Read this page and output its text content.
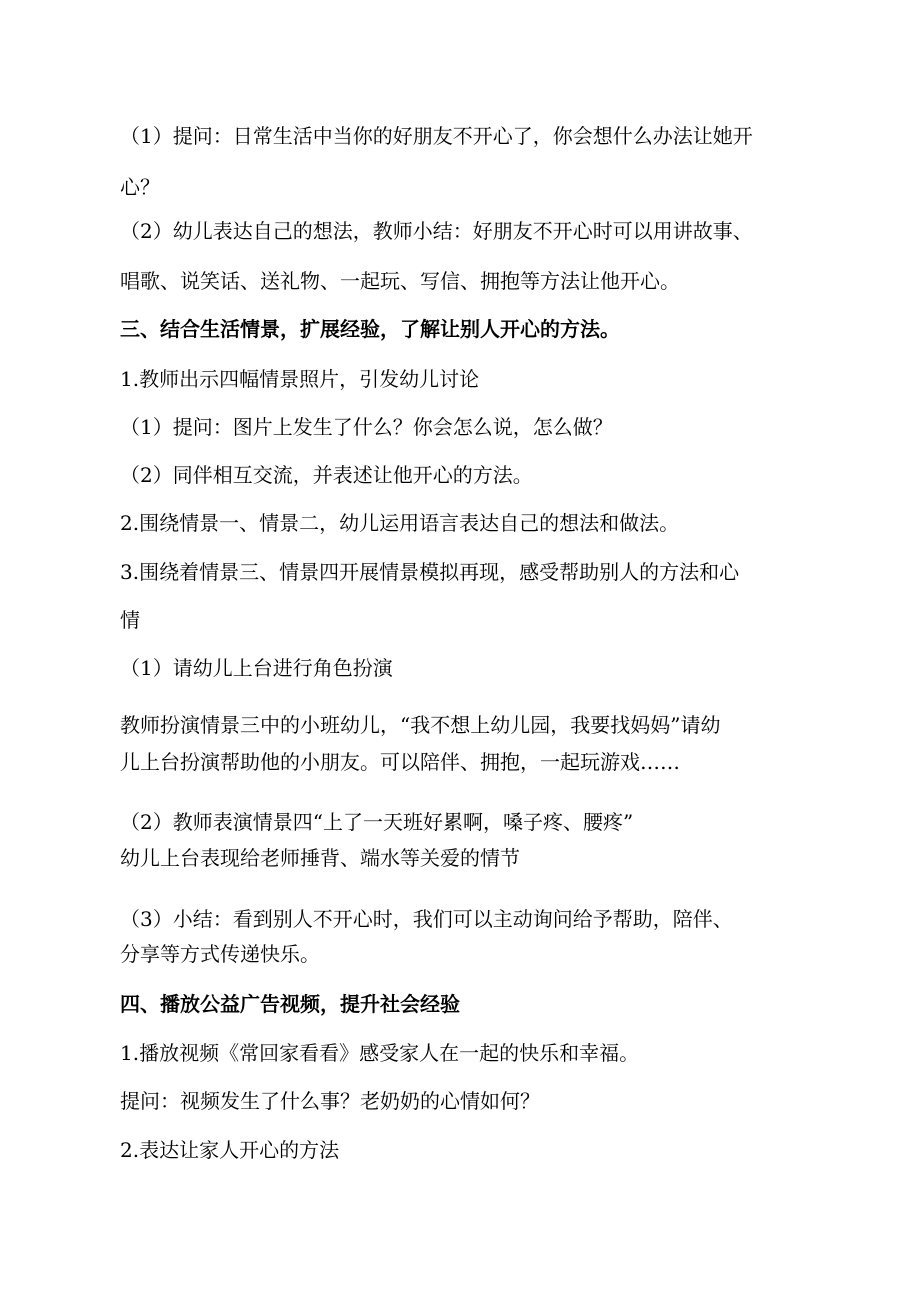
（1）提问：日常生活中当你的好朋友不开心了，你会想什么办法让她开
心？
（2）幼儿表达自己的想法，教师小结：好朋友不开心时可以用讲故事、
唱歌、说笑话、送礼物、一起玩、写信、拥抱等方法让他开心。
三、结合生活情景，扩展经验，了解让别人开心的方法。
1.教师出示四幅情景照片，引发幼儿讨论
（1）提问：图片上发生了什么？你会怎么说，怎么做？
（2）同伴相互交流，并表述让他开心的方法。
2.围绕情景一、情景二，幼儿运用语言表达自己的想法和做法。
3.围绕着情景三、情景四开展情景模拟再现，感受帮助别人的方法和心
情
（1）请幼儿上台进行角色扮演
教师扮演情景三中的小班幼儿，“我不想上幼儿园，我要找妈妈”请幼
儿上台扮演帮助他的小朋友。可以陪伴、拥抱，一起玩游戏……
（2）教师表演情景四“上了一天班好累啊，嗓子疼、腰疼”
幼儿上台表现给老师捶背、端水等关爱的情节
（3）小结：看到别人不开心时，我们可以主动询问给予帮助，陪伴、
分享等方式传递快乐。
四、播放公益广告视频，提升社会经验
1.播放视频《常回家看看》感受家人在一起的快乐和幸福。
提问：视频发生了什么事？老奶奶的心情如何？
2.表达让家人开心的方法
